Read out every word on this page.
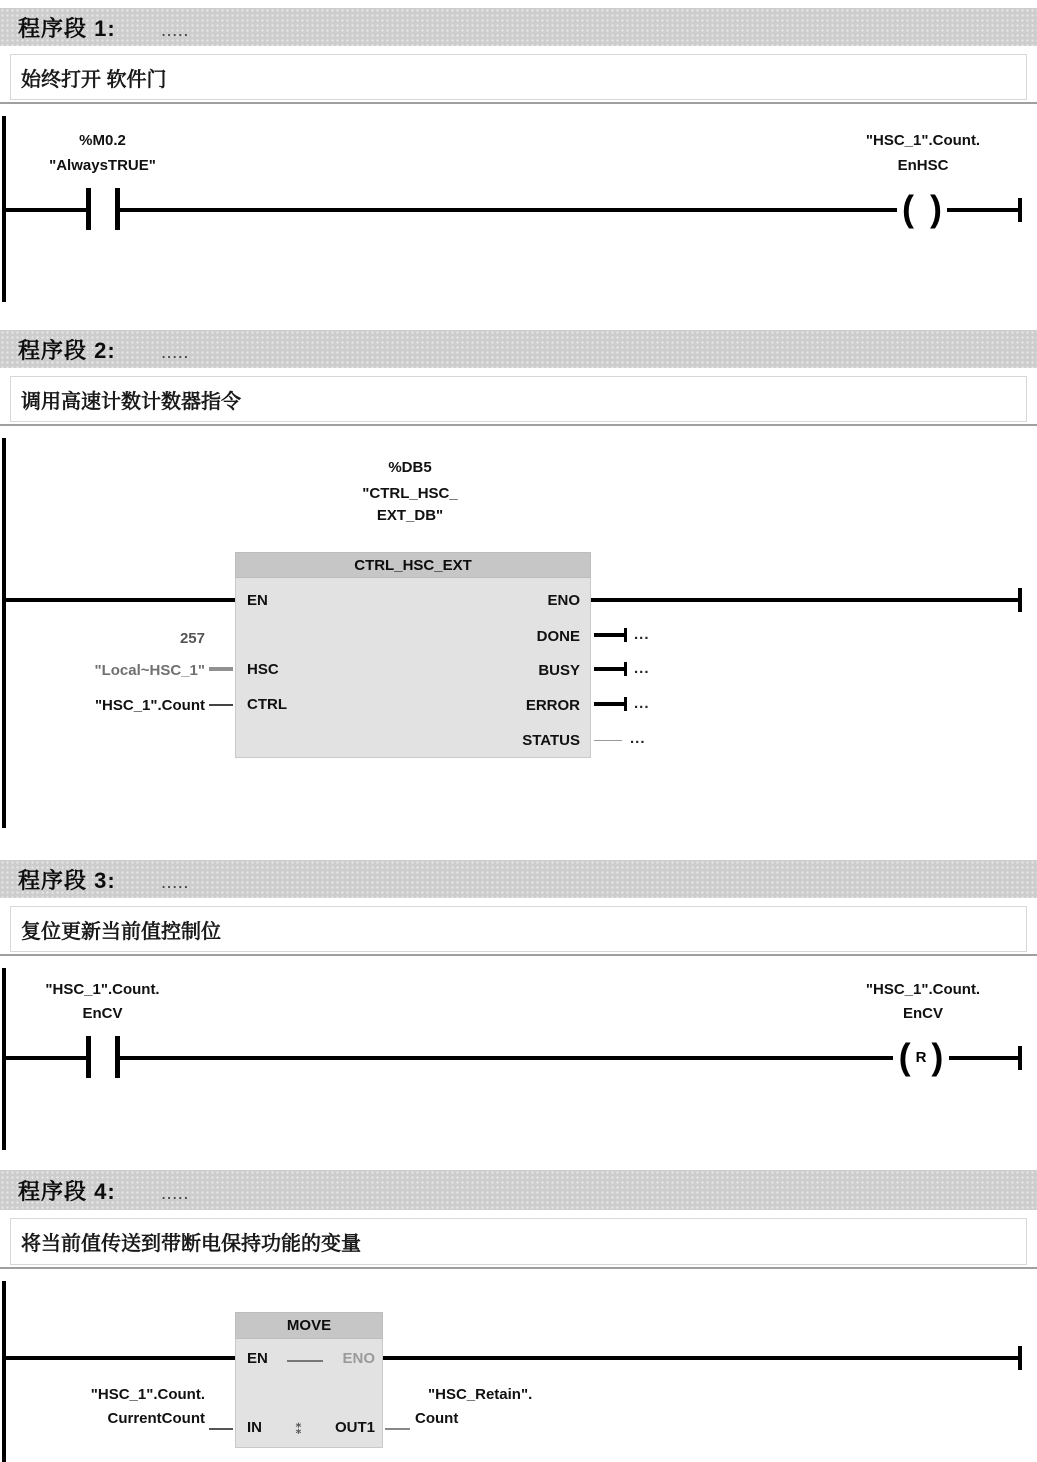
程序段 1:	.....
始终打开 软件门
%M0.2
"AlwaysTRUE"
"HSC_1".Count.
EnHSC
( )
程序段 2:	.....
调用高速计数计数器指令
%DB5
"CTRL_HSC_
EXT_DB"
CTRL_HSC_EXT
EN	ENO
HSC
CTRL
DONE
BUSY
ERROR
STATUS
257
"Local~HSC_1"
"HSC_1".Count
...
...
...
...
程序段 3:	.....
复位更新当前值控制位
"HSC_1".Count.
EnCV
"HSC_1".Count.
EnCV
( R )
程序段 4:	.....
将当前值传送到带断电保持功能的变量
MOVE
EN	ENO
IN ⁑	OUT1
"HSC_1".Count.
CurrentCount
"HSC_Retain".
Count
